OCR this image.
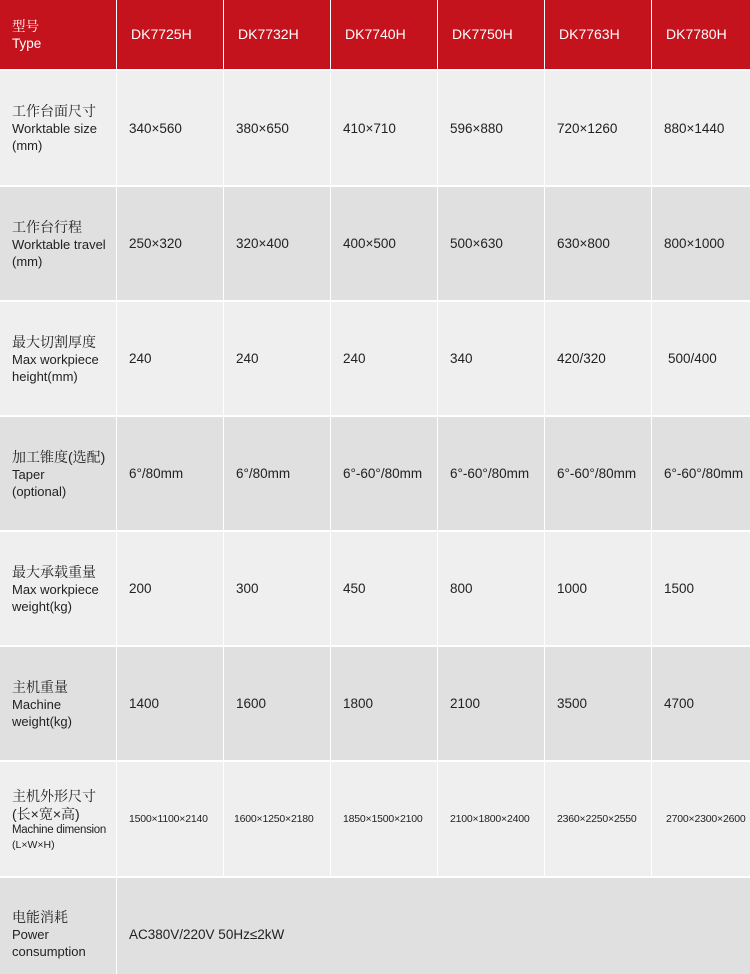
型号
Type
DK7725H	DK7732H	DK7740H	DK7750H	DK7763H	DK7780H
工作台面尺寸
Worktable size
(mm)
340×560	380×650	410×710	596×880	720×1260	880×1440
工作台行程
Worktable travel
(mm)
250×320	320×400	400×500	500×630	630×800	800×1000
最大切割厚度
Max workpiece
height(mm)
240	240	240	340	420/320	500/400
加工锥度(选配)
Taper
(optional)
6°/80mm	6°/80mm	6°-60°/80mm	6°-60°/80mm	6°-60°/80mm	6°-60°/80mm
最大承载重量
Max workpiece
weight(kg)
200	300	450	800	1000	1500
主机重量
Machine
weight(kg)
1400	1600	1800	2100	3500	4700
主机外形尺寸
(长×宽×高)
Machine dimension
(L×W×H)
1500×1100×2140	1600×1250×2180	1850×1500×2100	2100×1800×2400	2360×2250×2550	2700×2300×2600
电能消耗
Power
consumption
AC380V/220V 50Hz≤2kW
